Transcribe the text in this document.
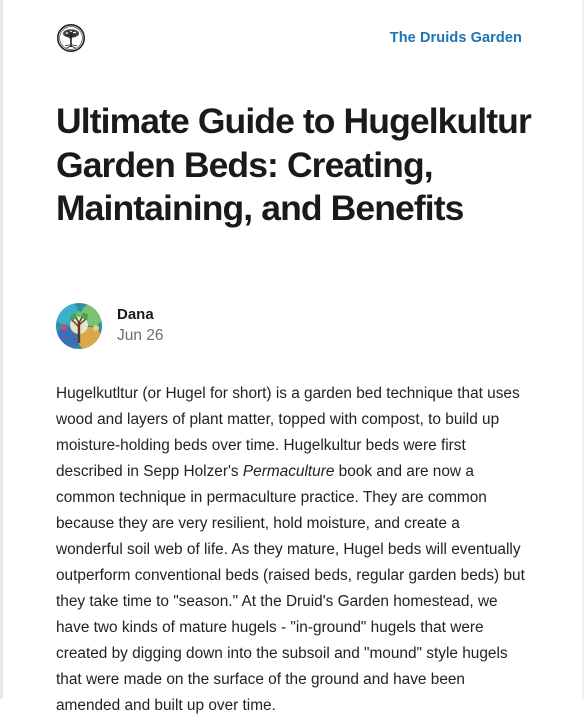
The Druids Garden
Ultimate Guide to Hugelkultur Garden Beds: Creating, Maintaining, and Benefits
Dana
Jun 26

Hugelkutltur (or Hugel for short) is a garden bed technique that uses wood and layers of plant matter, topped with compost, to build up moisture-holding beds over time. Hugelkultur beds were first described in Sepp Holzer's Permaculture book and are now a common technique in permaculture practice. They are common because they are very resilient, hold moisture, and create a wonderful soil web of life. As they mature, Hugel beds will eventually outperform conventional beds (raised beds, regular garden beds) but they take time to "season." At the Druid's Garden homestead, we have two kinds of mature hugels - "in-ground" hugels that were created by digging down into the subsoil and "mound" style hugels that were made on the surface of the ground and have been amended and built up over time.
